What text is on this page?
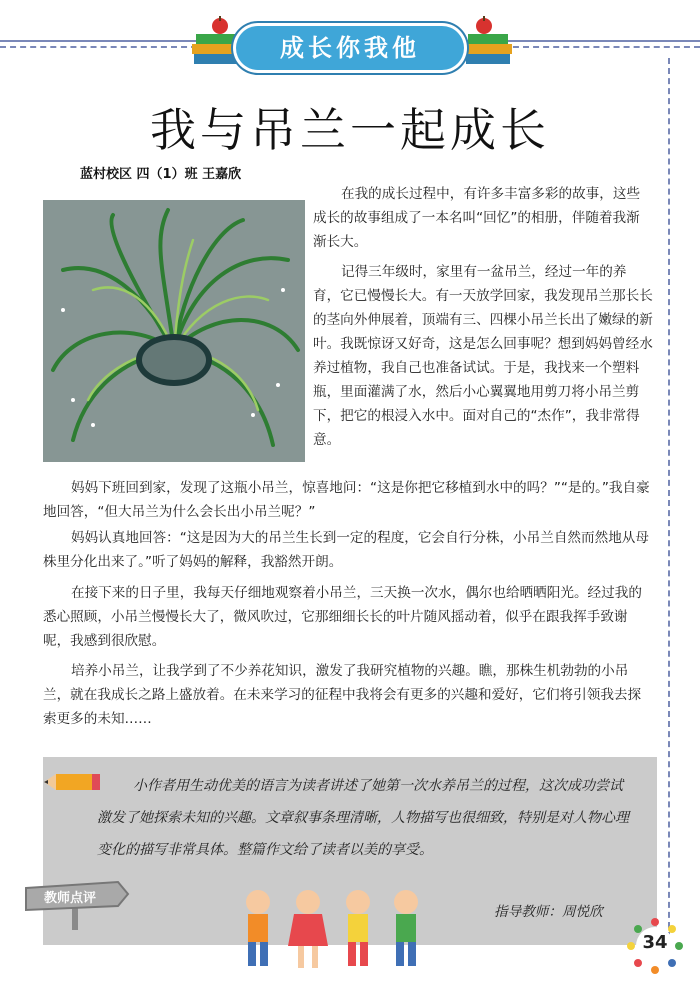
成长你我他
我与吊兰一起成长
蓝村校区 四（1）班 王嘉欣

在我的成长过程中，有许多丰富多彩的故事，这些成长的故事组成了一本名叫“回忆”的相册，伴随着我渐渐长大。

记得三年级时，家里有一盆吊兰，经过一年的养育，它已慢慢长大。有一天放学回家，我发现吊兰那长长的茎向外伸展着，顶端有三、四棵小吊兰长出了嫩绿的新叶。我既惊讶又好奇，这是怎么回事呢？想到妈妈曾经水养过植物，我自己也准备试试。于是，我找来一个塑料瓶，里面灌满了水，然后小心翼翼地用剪刀将小吊兰剪下，把它的根浸入水中。面对自己的“杰作”，我非常得意。

妈妈下班回到家，发现了这瓶小吊兰，惊喜地问：“这是你把它移植到水中的吗？”“是的。”我自豪地回答，“但大吊兰为什么会长出小吊兰呢？”

妈妈认真地回答：“这是因为大的吊兰生长到一定的程度，它会自行分株，小吊兰自然而然地从母株里分化出来了。”听了妈妈的解释，我豁然开朗。

在接下来的日子里，我每天仔细地观察着小吊兰，三天换一次水，偶尔也给晒晒阳光。经过我的悉心照顾，小吊兰慢慢长大了，微风吹过，它那细细长长的叶片随风摇动着，似乎在跟我挥手致谢呢，我感到很欣慰。

培养小吊兰，让我学到了不少养花知识，激发了我研究植物的兴趣。瞧，那株生机勃勃的小吊兰，就在我成长之路上盛放着。在未来学习的征程中我将会有更多的兴趣和爱好，它们将引领我去探索更多的未知……

小作者用生动优美的语言为读者讲述了她第一次水养吊兰的过程，这次成功尝试激发了她探索未知的兴趣。文章叙事条理清晰，人物描写也很细致，特别是对人物心理变化的描写非常具体。整篇作文给了读者以美的享受。

指导教师：周悦欣
教师点评
34
